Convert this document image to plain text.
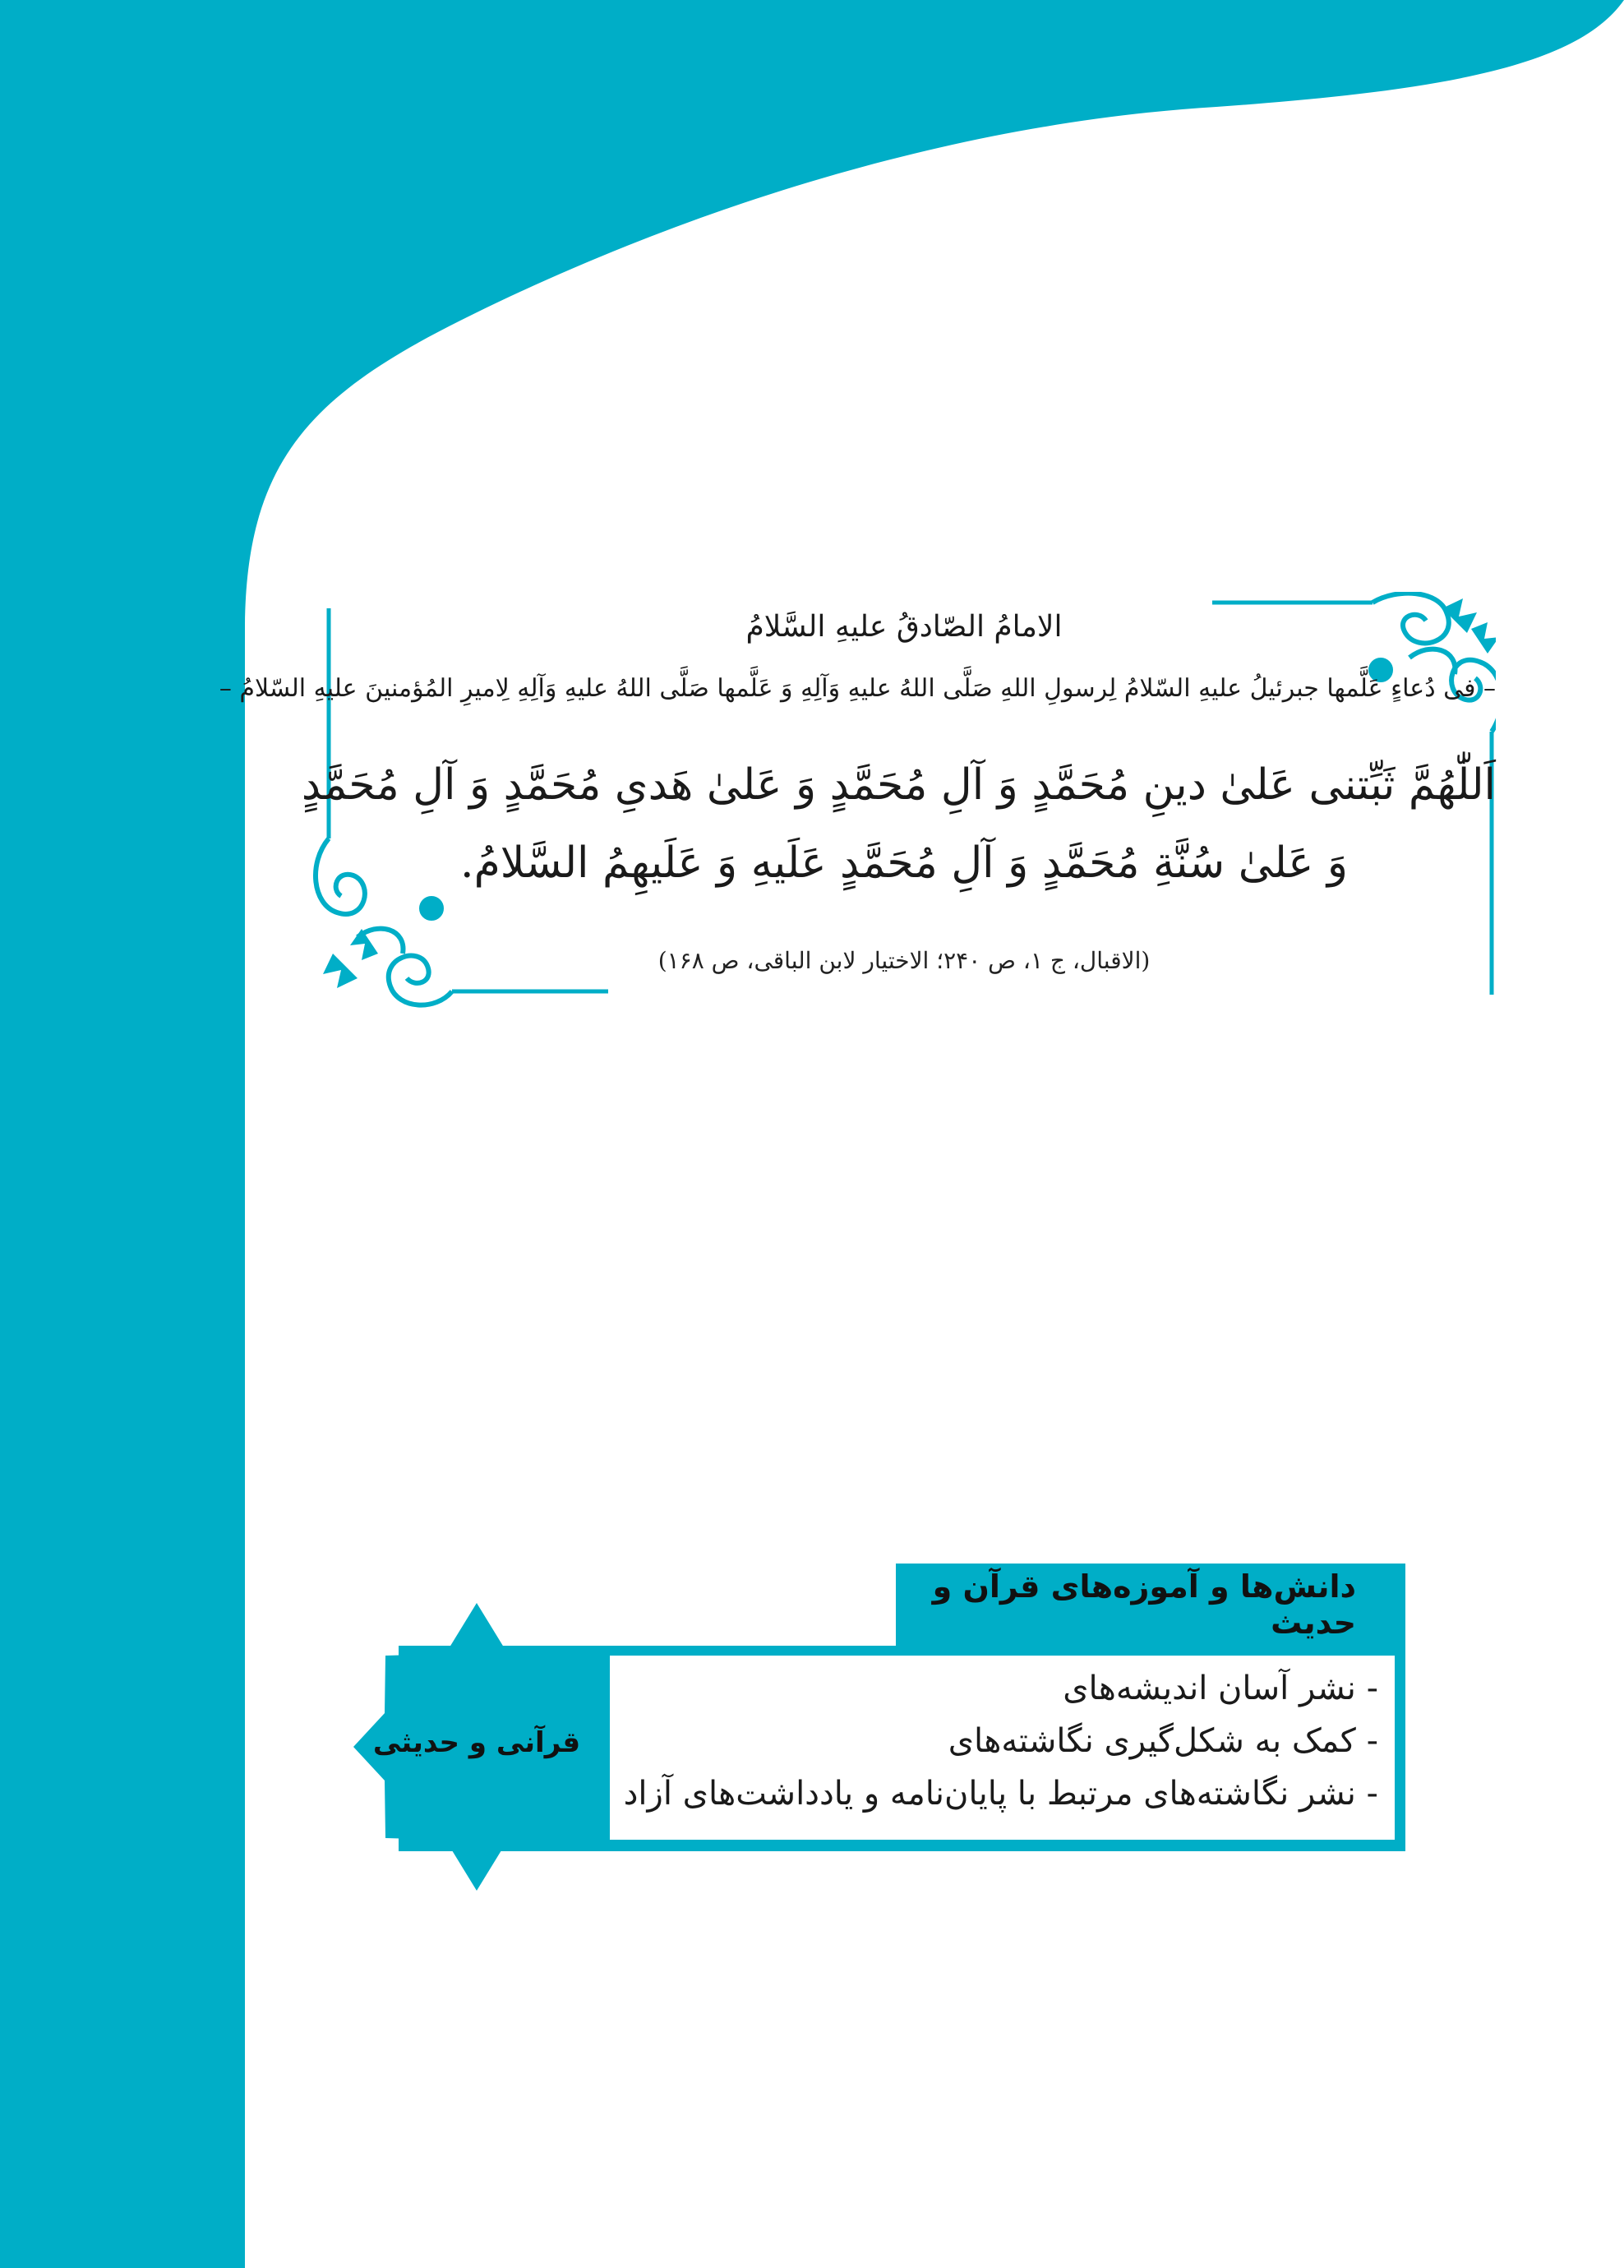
الامامُ الصّادقُ علیهِ السَّلامُ
– فی دُعاءٍ عَلَّمها جبرئیلُ علیهِ السّلامُ لِرسولِ اللهِ صَلَّی اللهُ علیهِ وَآلِهِ وَ عَلَّمها صَلَّی اللهُ علیهِ وَآلِهِ لِامیرِ المُؤمنینَ علیهِ السّلامُ –
اَللّٰهُمَّ ثَبِّتنی عَلیٰ دینِ مُحَمَّدٍ وَ آلِ مُحَمَّدٍ وَ عَلیٰ هَدیِ مُحَمَّدٍ وَ آلِ مُحَمَّدٍ
وَ عَلیٰ سُنَّةِ مُحَمَّدٍ وَ آلِ مُحَمَّدٍ عَلَیهِ وَ عَلَیهِمُ السَّلامُ.
(الاقبال، ج ۱، ص ۲۴۰؛ الاختیار لابن الباقی، ص ۱۶۸)
دانش‌ها و آموزه‌های قرآن و حدیث
- نشر آسان اندیشه‌های
- کمک به شکل‌گیری نگاشته‌های
- نشر نگاشته‌های مرتبط با پایان‌نامه و یادداشت‌های آزاد
قرآنی و حدیثی
